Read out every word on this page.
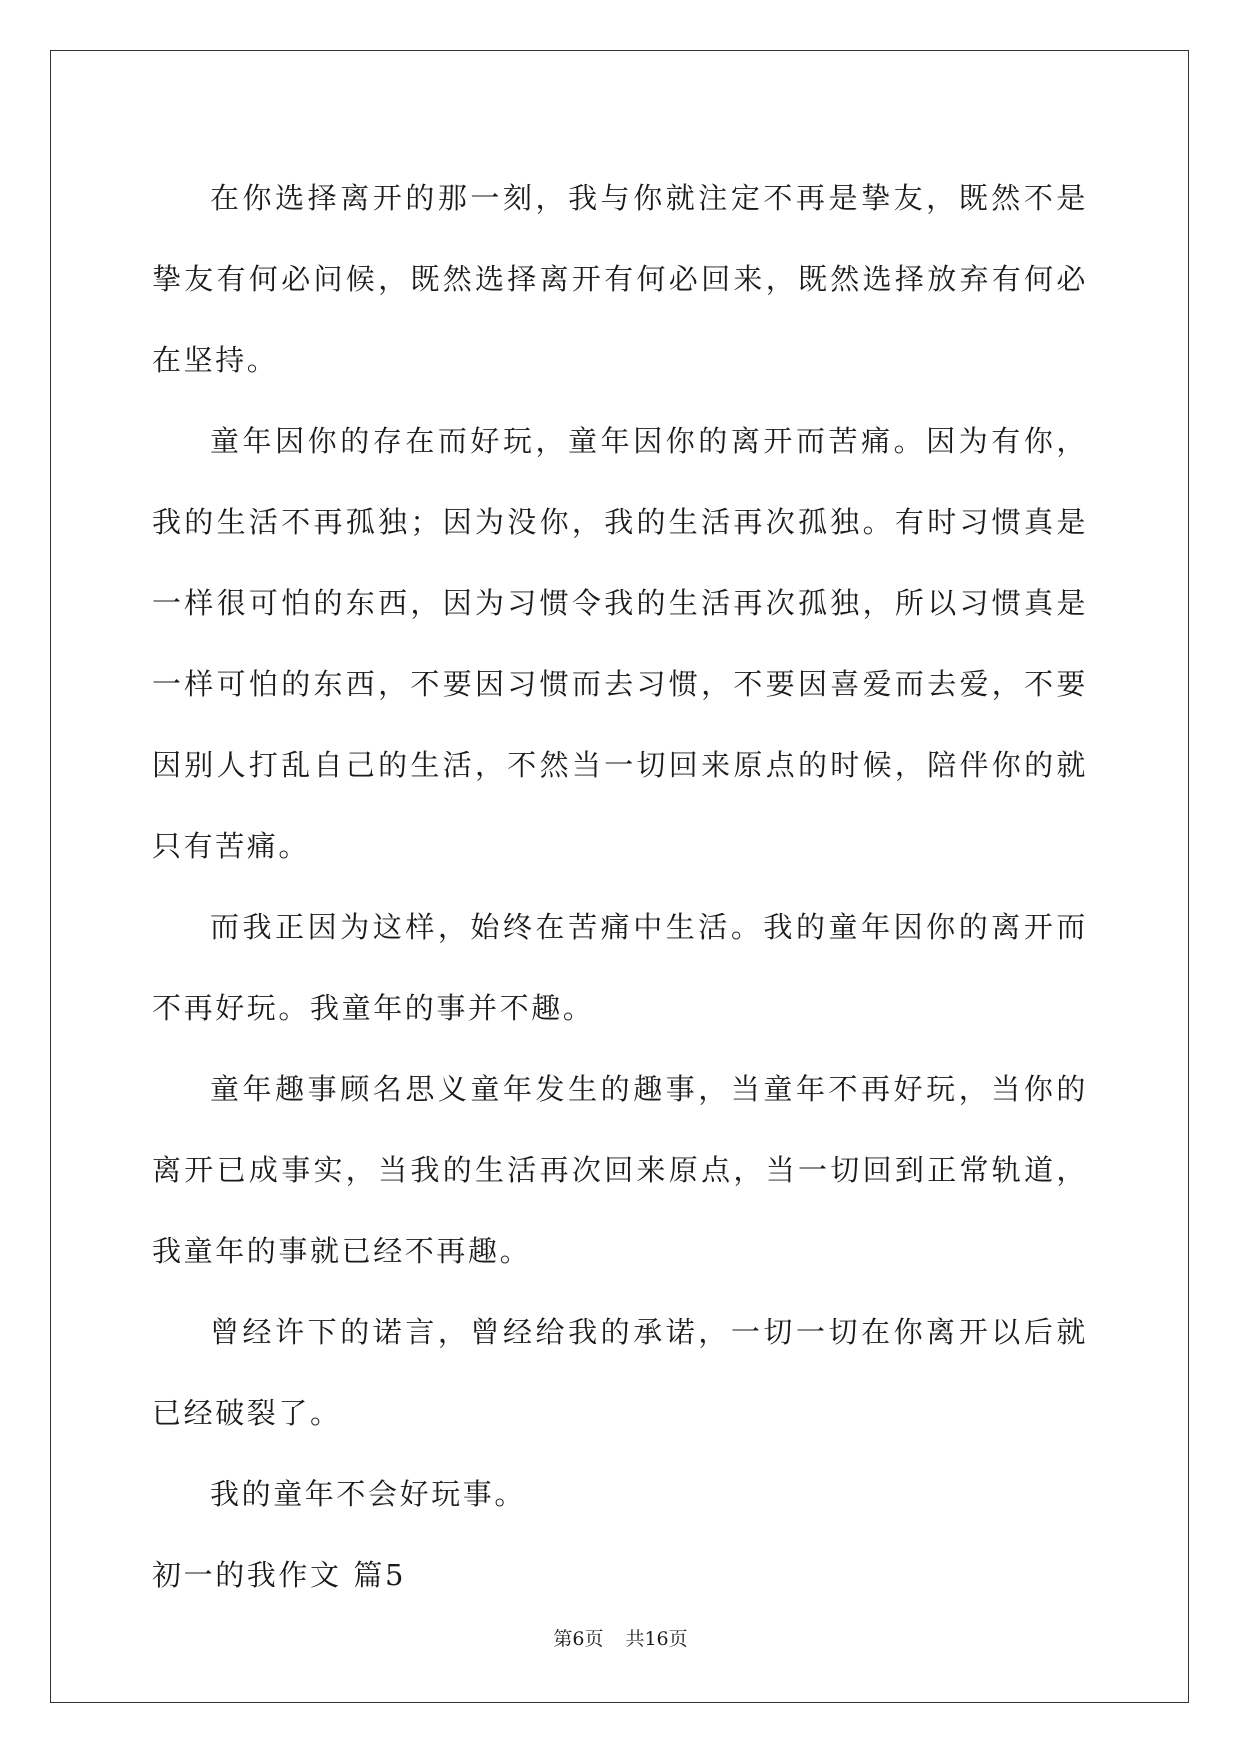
在你选择离开的那一刻，我与你就注定不再是挚友，既然不是挚友有何必问候，既然选择离开有何必回来，既然选择放弃有何必在坚持。

童年因你的存在而好玩，童年因你的离开而苦痛。因为有你，我的生活不再孤独；因为没你，我的生活再次孤独。有时习惯真是一样很可怕的东西，因为习惯令我的生活再次孤独，所以习惯真是一样可怕的东西，不要因习惯而去习惯，不要因喜爱而去爱，不要因别人打乱自己的生活，不然当一切回来原点的时候，陪伴你的就只有苦痛。

而我正因为这样，始终在苦痛中生活。我的童年因你的离开而不再好玩。我童年的事并不趣。

童年趣事顾名思义童年发生的趣事，当童年不再好玩，当你的离开已成事实，当我的生活再次回来原点，当一切回到正常轨道，我童年的事就已经不再趣。

曾经许下的诺言，曾经给我的承诺，一切一切在你离开以后就已经破裂了。

我的童年不会好玩事。

初一的我作文 篇5

第6页 共16页
